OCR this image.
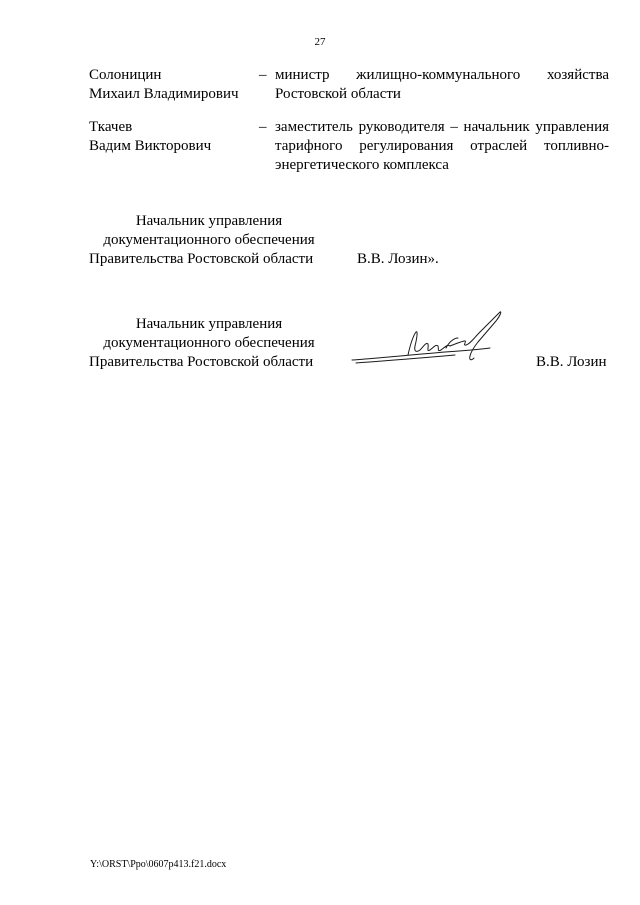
27
Солоницин
Михаил Владимирович
– министр жилищно-коммунального хозяйства
Ростовской области
Ткачев
Вадим Викторович
– заместитель руководителя – начальник управления
тарифного регулирования отраслей топливно-
энергетического комплекса
Начальник управления
документационного обеспечения
Правительства Ростовской области	В.В. Лозин».
Начальник управления
документационного обеспечения
Правительства Ростовской области	В.В. Лозин
Y:\ORST\Ppo\0607p413.f21.docx
